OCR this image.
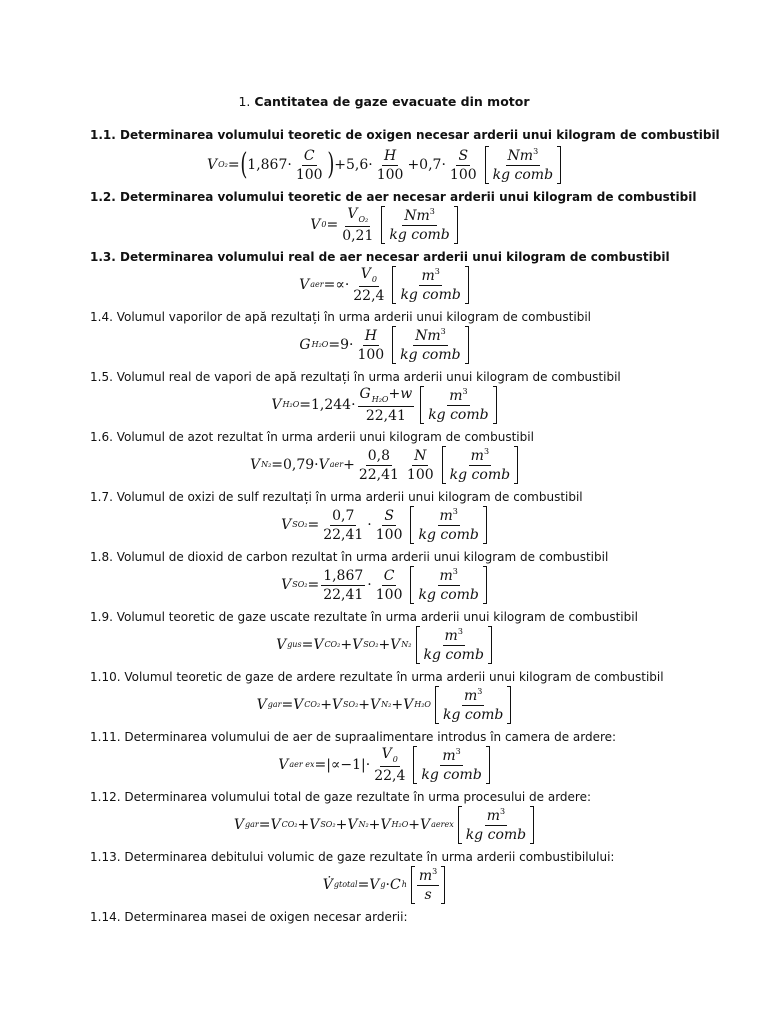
1. Cantitatea de gaze evacuate din motor
1.1. Determinarea volumului teoretic de oxigen necesar arderii unui kilogram de combustibil
V O₂ = ( $1,867\cdot \frac{C}{100}$ ) $+5,6\cdot \frac{H}{100} +0,7\cdot \frac{S}{100} \frac{Nm^3}{\text{kg comb}}$
1.2. Determinarea volumului teoretic de aer necesar arderii unui kilogram de combustibil
V $0 = \frac{V_{O_2}}{0,21} \frac{Nm^3}{\text{kg comb}}$
1.3. Determinarea volumului real de aer necesar arderii unui kilogram de combustibil
V aer =∝· $\frac{V_0}{22,4} \frac{m^3}{\text{kg comb}}$
1.4. Volumul vaporilor de apă rezultați în urma arderii unui kilogram de combustibil
G $H_2O =9\cdot \frac{H}{100} \frac{Nm^3}{\text{kg comb}}$
1.5. Volumul real de vapori de apă rezultați în urma arderii unui kilogram de combustibil
V $H_2O =1,244\cdot \frac{G_{H_2O}+w}{22,41} \frac{m^3}{\text{kg comb}}$
1.6. Volumul de azot rezultat în urma arderii unui kilogram de combustibil
V N₂ =0,79· V aer + $\frac{0,8}{22,41} \frac{N}{100} \frac{m^3}{\text{kg comb}}$
1.7. Volumul de oxizi de sulf rezultați în urma arderii unui kilogram de combustibil
V $SO_2 = \frac{0,7}{22,41} \cdot \frac{S}{100} \frac{m^3}{\text{kg comb}}$
1.8. Volumul de dioxid de carbon rezultat în urma arderii unui kilogram de combustibil
V $SO_2 = \frac{1,867}{22,41} \cdot \frac{C}{100} \frac{m^3}{\text{kg comb}}$
1.9. Volumul teoretic de gaze uscate rezultate în urma arderii unui kilogram de combustibil
V gus = V CO₂ + V SO₂ + V $N_2 \frac{m^3}{\text{kg comb}}$
1.10. Volumul teoretic de gaze de ardere rezultate în urma arderii unui kilogram de combustibil
V gar = V CO₂ + V SO₂ + V N₂ + V $H_2O \frac{m^3}{\text{kg comb}}$
1.11. Determinarea volumului de aer de supraalimentare introdus în camera de ardere:
V aer ex $=|\propto-1|\cdot \frac{V_0}{22,4} \frac{m^3}{\text{kg comb}}$
1.12. Determinarea volumului total de gaze rezultate în urma procesului de ardere:
V gar = V CO₂ + V SO₂ + V N₂ + V H₂O + V aerex $\frac{m^3}{\text{kg comb}}$
1.13. Determinarea debitului volumic de gaze rezultate în urma arderii combustibilului:
V̇ gtotal = V g · C h $\frac{m^3}{s}$
1.14. Determinarea masei de oxigen necesar arderii:
